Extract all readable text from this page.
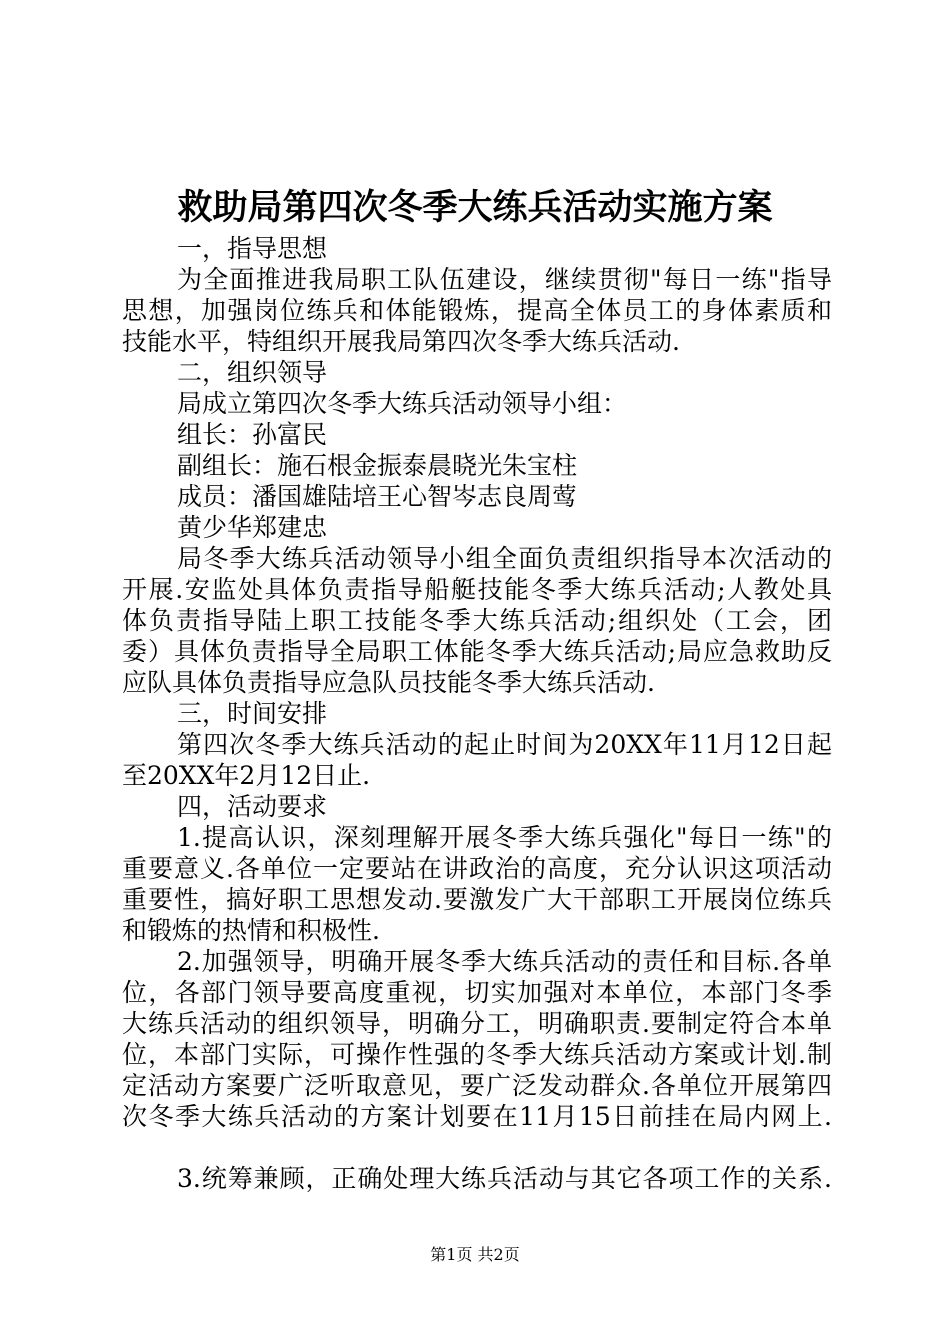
救助局第四次冬季大练兵活动实施方案
一，指导思想
为全面推进我局职工队伍建设，继续贯彻"每日一练"指导
思想，加强岗位练兵和体能锻炼，提高全体员工的身体素质和
技能水平，特组织开展我局第四次冬季大练兵活动.
二，组织领导
局成立第四次冬季大练兵活动领导小组：
组长：孙富民
副组长：施石根金振泰晨晓光朱宝柱
成员：潘国雄陆培王心智岑志良周莺
黄少华郑建忠
局冬季大练兵活动领导小组全面负责组织指导本次活动的
开展.安监处具体负责指导船艇技能冬季大练兵活动;人教处具
体负责指导陆上职工技能冬季大练兵活动;组织处（工会，团
委）具体负责指导全局职工体能冬季大练兵活动;局应急救助反
应队具体负责指导应急队员技能冬季大练兵活动.
三，时间安排
第四次冬季大练兵活动的起止时间为20XX年11月12日起
至20XX年2月12日止.
四，活动要求
1.提高认识，深刻理解开展冬季大练兵强化"每日一练"的
重要意义.各单位一定要站在讲政治的高度，充分认识这项活动
重要性，搞好职工思想发动.要激发广大干部职工开展岗位练兵
和锻炼的热情和积极性.
2.加强领导，明确开展冬季大练兵活动的责任和目标.各单
位，各部门领导要高度重视，切实加强对本单位，本部门冬季
大练兵活动的组织领导，明确分工，明确职责.要制定符合本单
位，本部门实际，可操作性强的冬季大练兵活动方案或计划.制
定活动方案要广泛听取意见，要广泛发动群众.各单位开展第四
次冬季大练兵活动的方案计划要在11月15日前挂在局内网上.
3.统筹兼顾，正确处理大练兵活动与其它各项工作的关系.
第1页 共2页
